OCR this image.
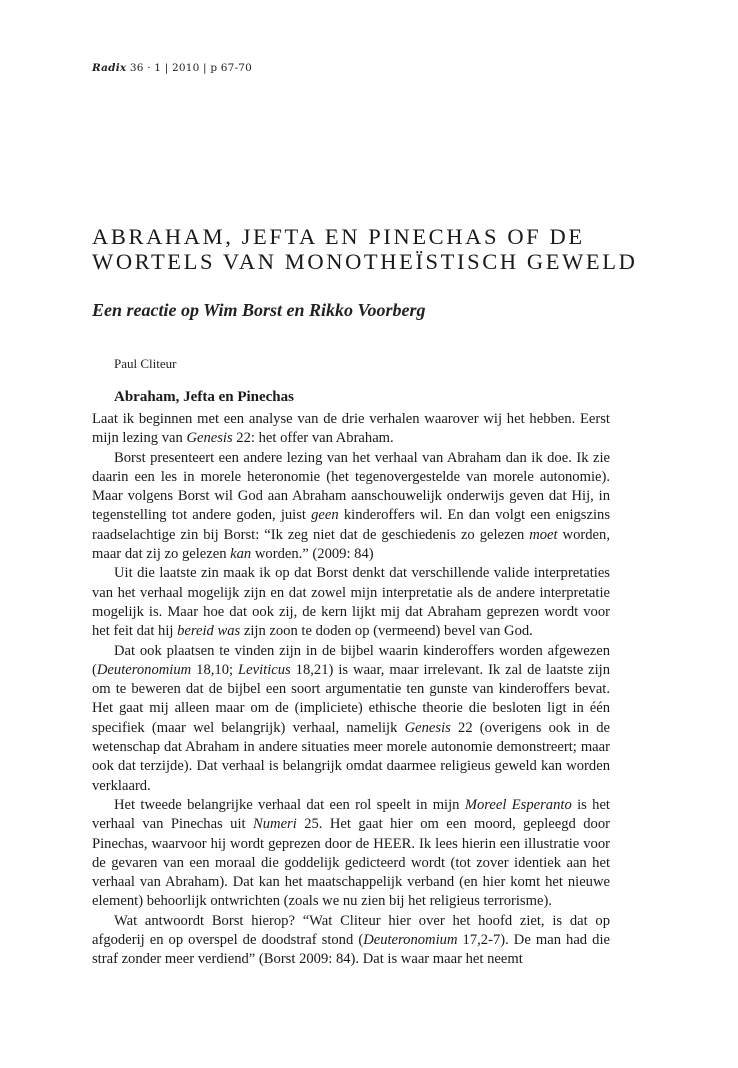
Radix 36 · 1 | 2010 | p 67-70
ABRAHAM, JEFTA EN PINECHAS OF DE WORTELS VAN MONOTHEÏSTISCH GEWELD
Een reactie op Wim Borst en Rikko Voorberg
Paul Cliteur
Abraham, Jefta en Pinechas

Laat ik beginnen met een analyse van de drie verhalen waarover wij het hebben. Eerst mijn lezing van Genesis 22: het offer van Abraham.

Borst presenteert een andere lezing van het verhaal van Abraham dan ik doe. Ik zie daarin een les in morele heteronomie (het tegenovergestelde van morele autonomie). Maar volgens Borst wil God aan Abraham aanschouwelijk onderwijs geven dat Hij, in tegenstelling tot andere goden, juist geen kinderoffers wil. En dan volgt een enigszins raadselachtige zin bij Borst: “Ik zeg niet dat de geschiedenis zo gelezen moet worden, maar dat zij zo gelezen kan worden.” (2009: 84)

Uit die laatste zin maak ik op dat Borst denkt dat verschillende valide interpretaties van het verhaal mogelijk zijn en dat zowel mijn interpretatie als de andere interpretatie mogelijk is. Maar hoe dat ook zij, de kern lijkt mij dat Abraham geprezen wordt voor het feit dat hij bereid was zijn zoon te doden op (vermeend) bevel van God.

Dat ook plaatsen te vinden zijn in de bijbel waarin kinderoffers worden afgewezen (Deuteronomium 18,10; Leviticus 18,21) is waar, maar irrelevant. Ik zal de laatste zijn om te beweren dat de bijbel een soort argumentatie ten gunste van kinderoffers bevat. Het gaat mij alleen maar om de (impliciete) ethische theorie die besloten ligt in één specifiek (maar wel belangrijk) verhaal, namelijk Genesis 22 (overigens ook in de wetenschap dat Abraham in andere situaties meer morele autonomie demonstreert; maar ook dat terzijde). Dat verhaal is belangrijk omdat daarmee religieus geweld kan worden verklaard.

Het tweede belangrijke verhaal dat een rol speelt in mijn Moreel Esperanto is het verhaal van Pinechas uit Numeri 25. Het gaat hier om een moord, gepleegd door Pinechas, waarvoor hij wordt geprezen door de HEER. Ik lees hierin een illustratie voor de gevaren van een moraal die goddelijk gedicteerd wordt (tot zover identiek aan het verhaal van Abraham). Dat kan het maatschappelijk verband (en hier komt het nieuwe element) behoorlijk ontwrichten (zoals we nu zien bij het religieus terrorisme).

Wat antwoordt Borst hierop? “Wat Cliteur hier over het hoofd ziet, is dat op afgoderij en op overspel de doodstraf stond (Deuteronomium 17,2-7). De man had die straf zonder meer verdiend” (Borst 2009: 84). Dat is waar maar het neemt
